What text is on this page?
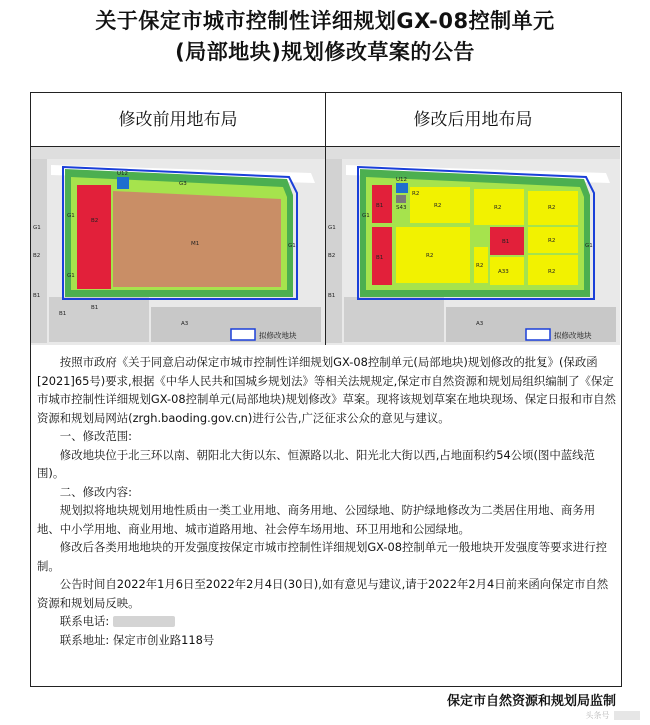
关于保定市城市控制性详细规划GX-08控制单元
(局部地块)规划修改草案的公告
修改前用地布局	修改后用地布局
U12
G3
G1
B2
M1	G1
G1
B1
B1
A3
B2
G1
B1
拟修改地块
U12
S43
B1
B1
B1
R2	R2	R2
R2
R2
R2
R2
R2
A33
G1
G1
A3
B2
G1
B1
拟修改地块

按照市政府《关于同意启动保定市城市控制性详细规划GX-08控制单元(局部地块)规划修改的批复》(保政函[2021]65号)要求,根据《中华人民共和国城乡规划法》等相关法规规定,保定市自然资源和规划局组织编制了《保定市城市控制性详细规划GX-08控制单元(局部地块)规划修改》草案。现将该规划草案在地块现场、保定日报和市自然资源和规划局网站(zrgh.baoding.gov.cn)进行公告,广泛征求公众的意见与建议。

一、修改范围:

修改地块位于北三环以南、朝阳北大街以东、恒源路以北、阳光北大街以西,占地面积约54公顷(图中蓝线范围)。

二、修改内容:

规划拟将地块规划用地性质由一类工业用地、商务用地、公园绿地、防护绿地修改为二类居住用地、商务用地、中小学用地、商业用地、城市道路用地、社会停车场用地、环卫用地和公园绿地。

修改后各类用地地块的开发强度按保定市城市控制性详细规划GX-08控制单元一般地块开发强度等要求进行控制。

公告时间自2022年1月6日至2022年2月4日(30日),如有意见与建议,请于2022年2月4日前来函向保定市自然资源和规划局反映。

联系电话:

联系地址: 保定市创业路118号

保定市自然资源和规划局监制
头条号
